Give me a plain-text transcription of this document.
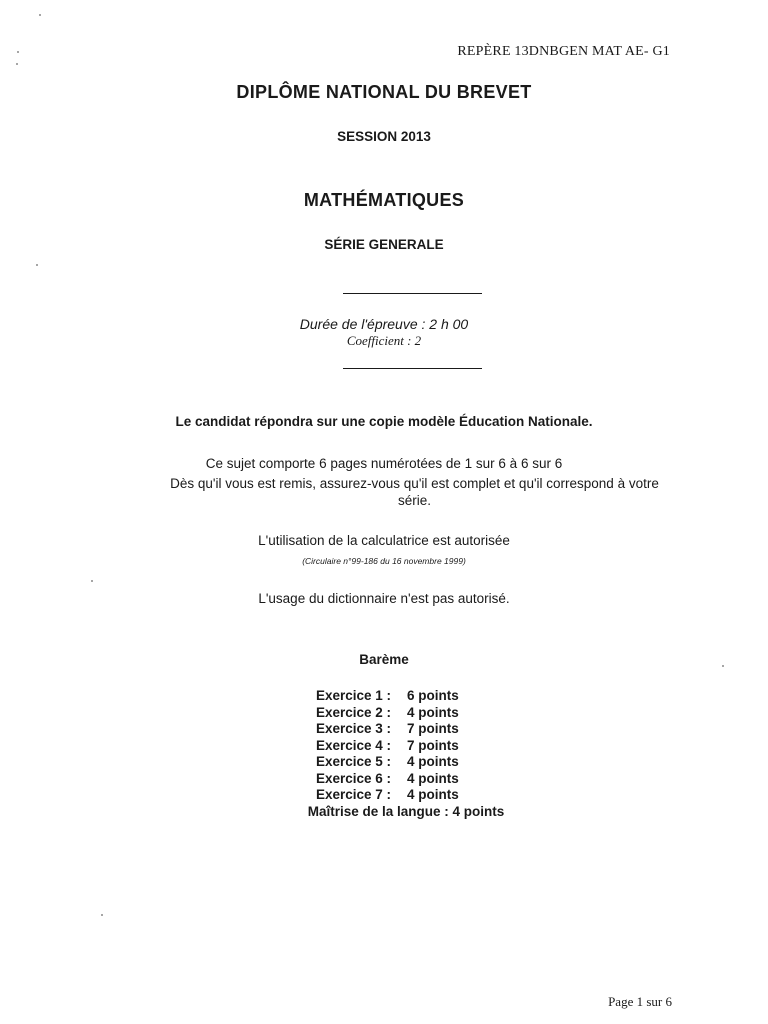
REPÈRE 13DNBGEN MAT AE- G1
DIPLÔME NATIONAL DU BREVET
SESSION 2013
MATHÉMATIQUES
SÉRIE GENERALE
Durée de l'épreuve : 2 h 00
Coefficient : 2
Le candidat répondra sur une copie modèle Éducation Nationale.
Ce sujet comporte 6 pages numérotées de 1 sur 6 à 6 sur 6
Dès qu'il vous est remis, assurez-vous qu'il est complet et qu'il correspond à votre série.
L'utilisation de la calculatrice est autorisée
(Circulaire n°99-186 du 16 novembre 1999)
L'usage du dictionnaire n'est pas autorisé.
Barème
Exercice 1 : 6 points
Exercice 2 : 4 points
Exercice 3 : 7 points
Exercice 4 : 7 points
Exercice 5 : 4 points
Exercice 6 : 4 points
Exercice 7 : 4 points
Maîtrise de la langue : 4 points
Page 1 sur 6
